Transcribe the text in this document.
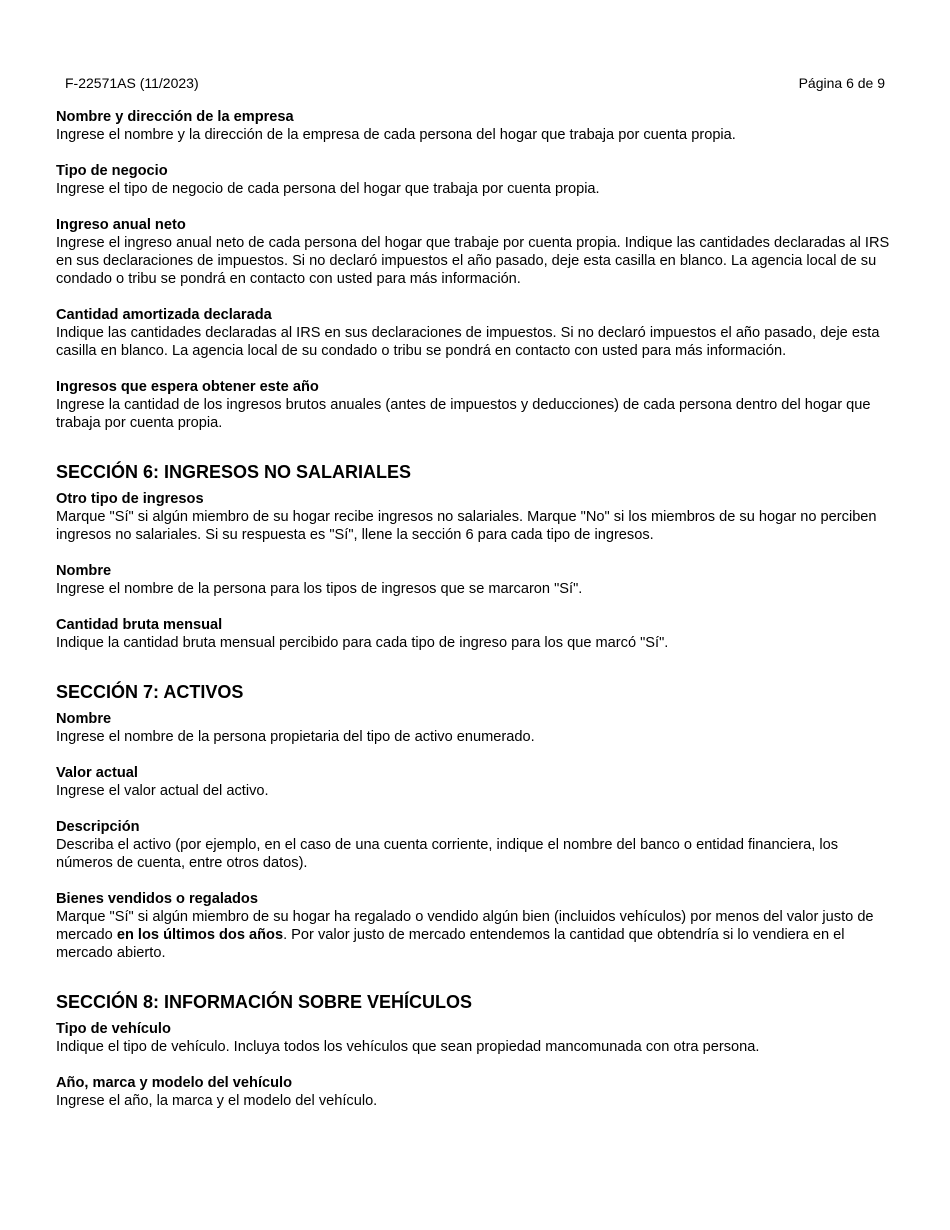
F-22571AS (11/2023)	Página 6 de 9
Nombre y dirección de la empresa
Ingrese el nombre y la dirección de la empresa de cada persona del hogar que trabaja por cuenta propia.
Tipo de negocio
Ingrese el tipo de negocio de cada persona del hogar que trabaja por cuenta propia.
Ingreso anual neto
Ingrese el ingreso anual neto de cada persona del hogar que trabaje por cuenta propia. Indique las cantidades declaradas al IRS en sus declaraciones de impuestos. Si no declaró impuestos el año pasado, deje esta casilla en blanco. La agencia local de su condado o tribu se pondrá en contacto con usted para más información.
Cantidad amortizada declarada
Indique las cantidades declaradas al IRS en sus declaraciones de impuestos. Si no declaró impuestos el año pasado, deje esta casilla en blanco. La agencia local de su condado o tribu se pondrá en contacto con usted para más información.
Ingresos que espera obtener este año
Ingrese la cantidad de los ingresos brutos anuales (antes de impuestos y deducciones) de cada persona dentro del hogar que trabaja por cuenta propia.
SECCIÓN 6: INGRESOS NO SALARIALES
Otro tipo de ingresos
Marque "Sí" si algún miembro de su hogar recibe ingresos no salariales. Marque "No" si los miembros de su hogar no perciben ingresos no salariales. Si su respuesta es "Sí", llene la sección 6 para cada tipo de ingresos.
Nombre
Ingrese el nombre de la persona para los tipos de ingresos que se marcaron "Sí".
Cantidad bruta mensual
Indique la cantidad bruta mensual percibido para cada tipo de ingreso para los que marcó "Sí".
SECCIÓN 7: ACTIVOS
Nombre
Ingrese el nombre de la persona propietaria del tipo de activo enumerado.
Valor actual
Ingrese el valor actual del activo.
Descripción
Describa el activo (por ejemplo, en el caso de una cuenta corriente, indique el nombre del banco o entidad financiera, los números de cuenta, entre otros datos).
Bienes vendidos o regalados
Marque "Sí" si algún miembro de su hogar ha regalado o vendido algún bien (incluidos vehículos) por menos del valor justo de mercado en los últimos dos años. Por valor justo de mercado entendemos la cantidad que obtendría si lo vendiera en el mercado abierto.
SECCIÓN 8: INFORMACIÓN SOBRE VEHÍCULOS
Tipo de vehículo
Indique el tipo de vehículo. Incluya todos los vehículos que sean propiedad mancomunada con otra persona.
Año, marca y modelo del vehículo
Ingrese el año, la marca y el modelo del vehículo.
